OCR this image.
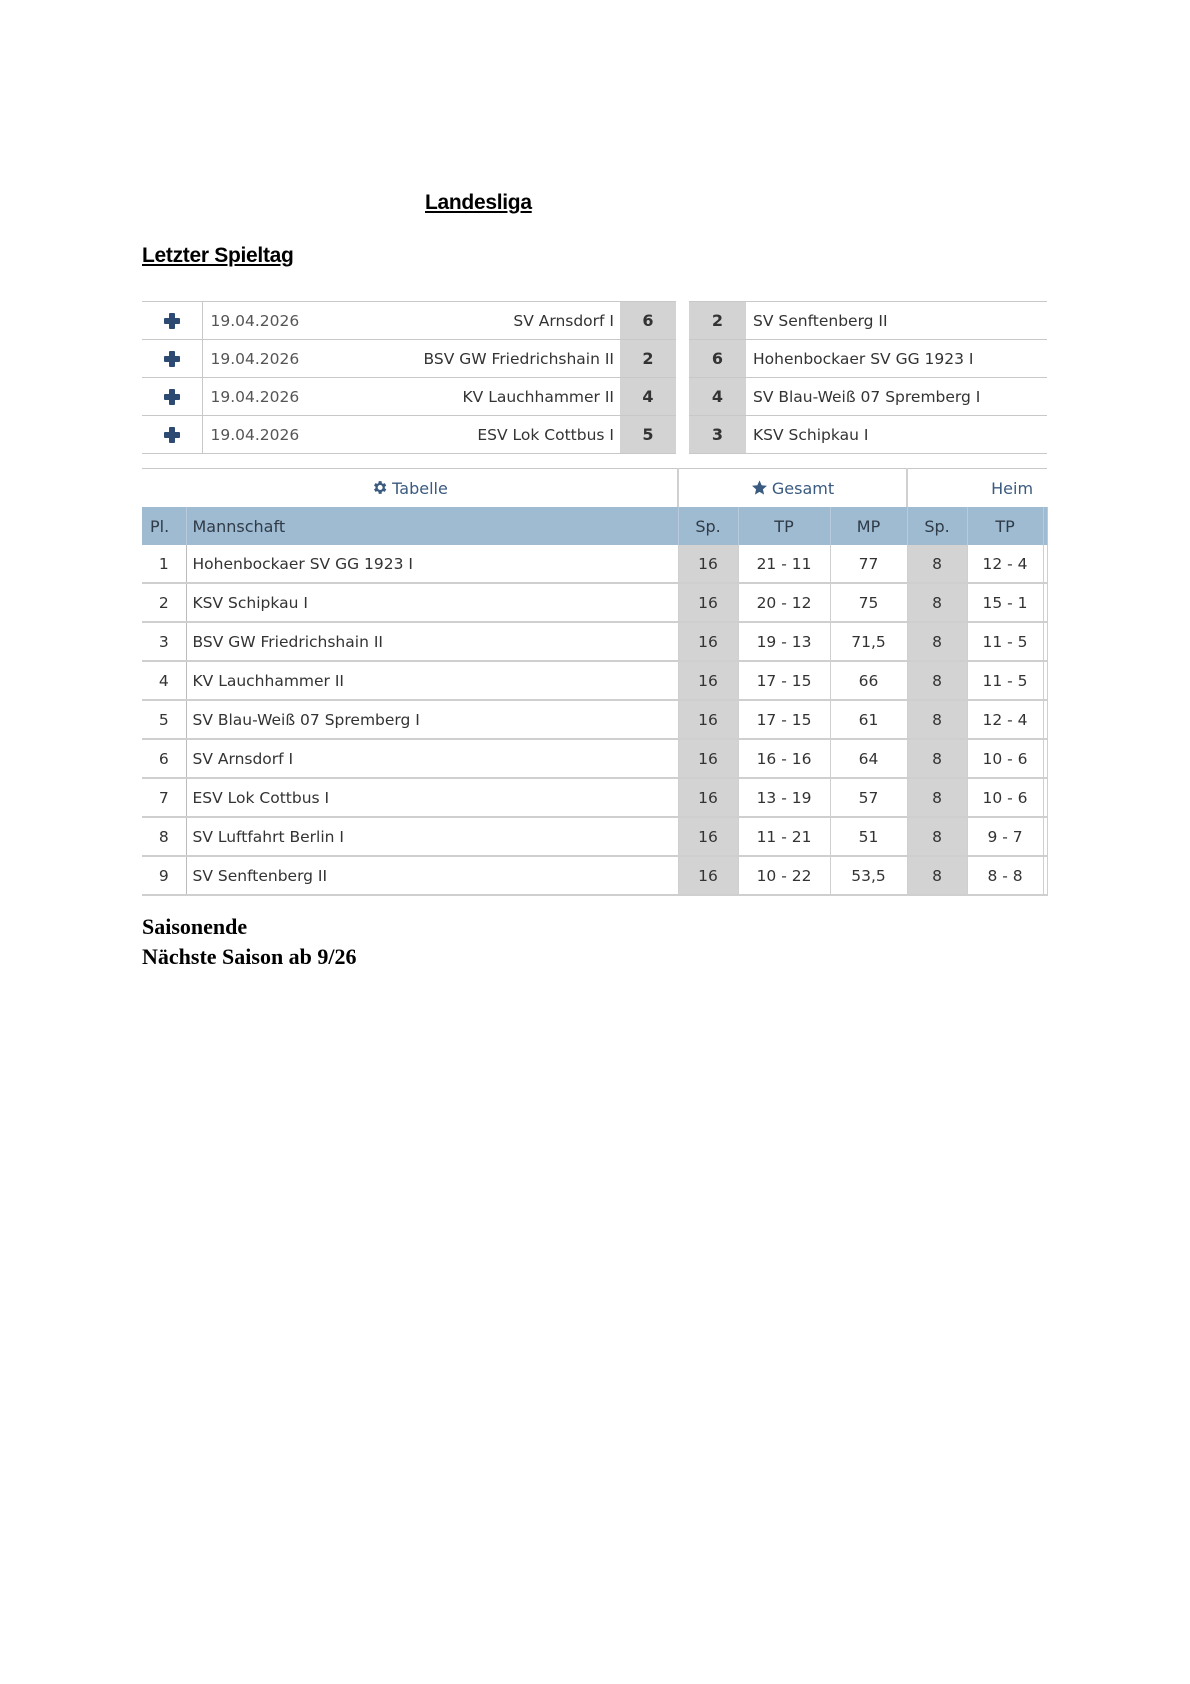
Landesliga
Letzter Spieltag
	19.04.2026	SV Arnsdorf I	6		2	SV Senftenberg II
	19.04.2026	BSV GW Friedrichshain II	2		6	Hohenbockaer SV GG 1923 I
	19.04.2026	KV Lauchhammer II	4		4	SV Blau-Weiß 07 Spremberg I
	19.04.2026	ESV Lok Cottbus I	5		3	KSV Schipkau I
Tabelle		Gesamt			Heim			
Pl.	Mannschaft	Sp.	TP	MP	Sp.	TP		
1	Hohenbockaer SV GG 1923 I	16	21 - 11	77	8	12 - 4		
2	KSV Schipkau I	16	20 - 12	75	8	15 - 1		
3	BSV GW Friedrichshain II	16	19 - 13	71,5	8	11 - 5		
4	KV Lauchhammer II	16	17 - 15	66	8	11 - 5		
5	SV Blau-Weiß 07 Spremberg I	16	17 - 15	61	8	12 - 4		
6	SV Arnsdorf I	16	16 - 16	64	8	10 - 6		
7	ESV Lok Cottbus I	16	13 - 19	57	8	10 - 6		
8	SV Luftfahrt Berlin I	16	11 - 21	51	8	9 - 7		
9	SV Senftenberg II	16	10 - 22	53,5	8	8 - 8		
Saisonende
Nächste Saison ab 9/26
